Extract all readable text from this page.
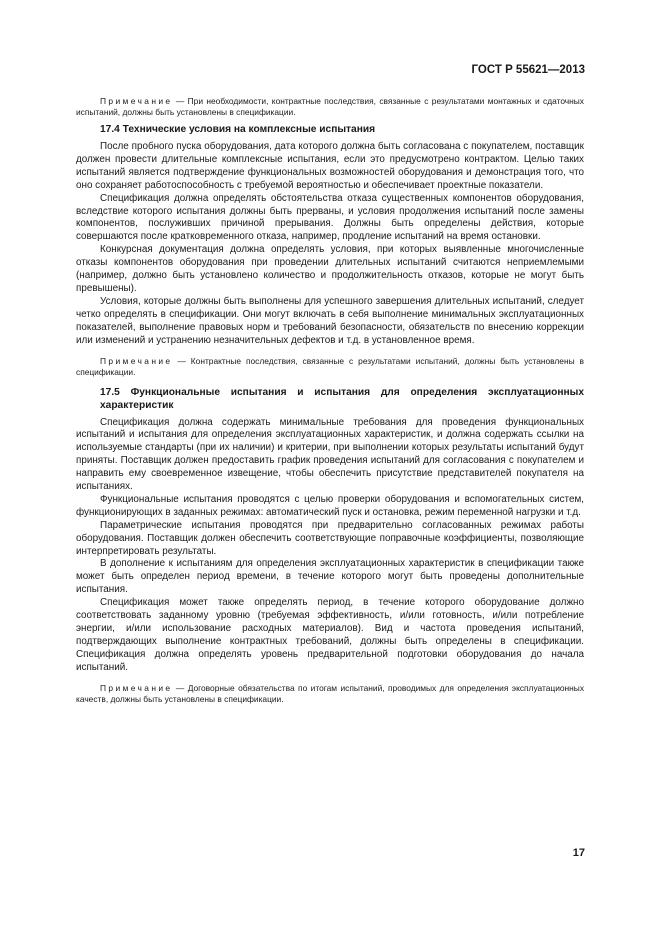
ГОСТ Р 55621—2013

Примечание — При необходимости, контрактные последствия, связанные с результатами монтажных и сдаточных испытаний, должны быть установлены в спецификации.

17.4 Технические условия на комплексные испытания

После пробного пуска оборудования, дата которого должна быть согласована с покупателем, поставщик должен провести длительные комплексные испытания, если это предусмотрено контрактом. Целью таких испытаний является подтверждение функциональных возможностей оборудования и демонстрация того, что оно сохраняет работоспособность с требуемой вероятностью и обеспечивает проектные показатели.

Спецификация должна определять обстоятельства отказа существенных компонентов оборудования, вследствие которого испытания должны быть прерваны, и условия продолжения испытаний после замены компонентов, послуживших причиной прерывания. Должны быть определены действия, которые совершаются после кратковременного отказа, например, продление испытаний на время остановки.

Конкурсная документация должна определять условия, при которых выявленные многочисленные отказы компонентов оборудования при проведении длительных испытаний считаются неприемлемыми (например, должно быть установлено количество и продолжительность отказов, которые не могут быть превышены).

Условия, которые должны быть выполнены для успешного завершения длительных испытаний, следует четко определять в спецификации. Они могут включать в себя выполнение минимальных эксплуатационных показателей, выполнение правовых норм и требований безопасности, обязательств по внесению коррекции или изменений и устранению незначительных дефектов и т.д. в установленное время.

Примечание — Контрактные последствия, связанные с результатами испытаний, должны быть установлены в спецификации.

17.5 Функциональные испытания и испытания для определения эксплуатационных характеристик

Спецификация должна содержать минимальные требования для проведения функциональных испытаний и испытания для определения эксплуатационных характеристик, и должна содержать ссылки на используемые стандарты (при их наличии) и критерии, при выполнении которых результаты испытаний будут приняты. Поставщик должен предоставить график проведения испытаний для согласования с покупателем и направить ему своевременное извещение, чтобы обеспечить присутствие представителей покупателя на испытаниях.

Функциональные испытания проводятся с целью проверки оборудования и вспомогательных систем, функционирующих в заданных режимах: автоматический пуск и остановка, режим переменной нагрузки и т.д.

Параметрические испытания проводятся при предварительно согласованных режимах работы оборудования. Поставщик должен обеспечить соответствующие поправочные коэффициенты, позволяющие интерпретировать результаты.

В дополнение к испытаниям для определения эксплуатационных характеристик в спецификации также может быть определен период времени, в течение которого могут быть проведены дополнительные испытания.

Спецификация может также определять период, в течение которого оборудование должно соответствовать заданному уровню (требуемая эффективность, и/или готовность, и/или потребление энергии, и/или использование расходных материалов). Вид и частота проведения испытаний, подтверждающих выполнение контрактных требований, должны быть определены в спецификации. Спецификация должна определять уровень предварительной подготовки оборудования до начала испытаний.

Примечание — Договорные обязательства по итогам испытаний, проводимых для определения эксплуатационных качеств, должны быть установлены в спецификации.

17
